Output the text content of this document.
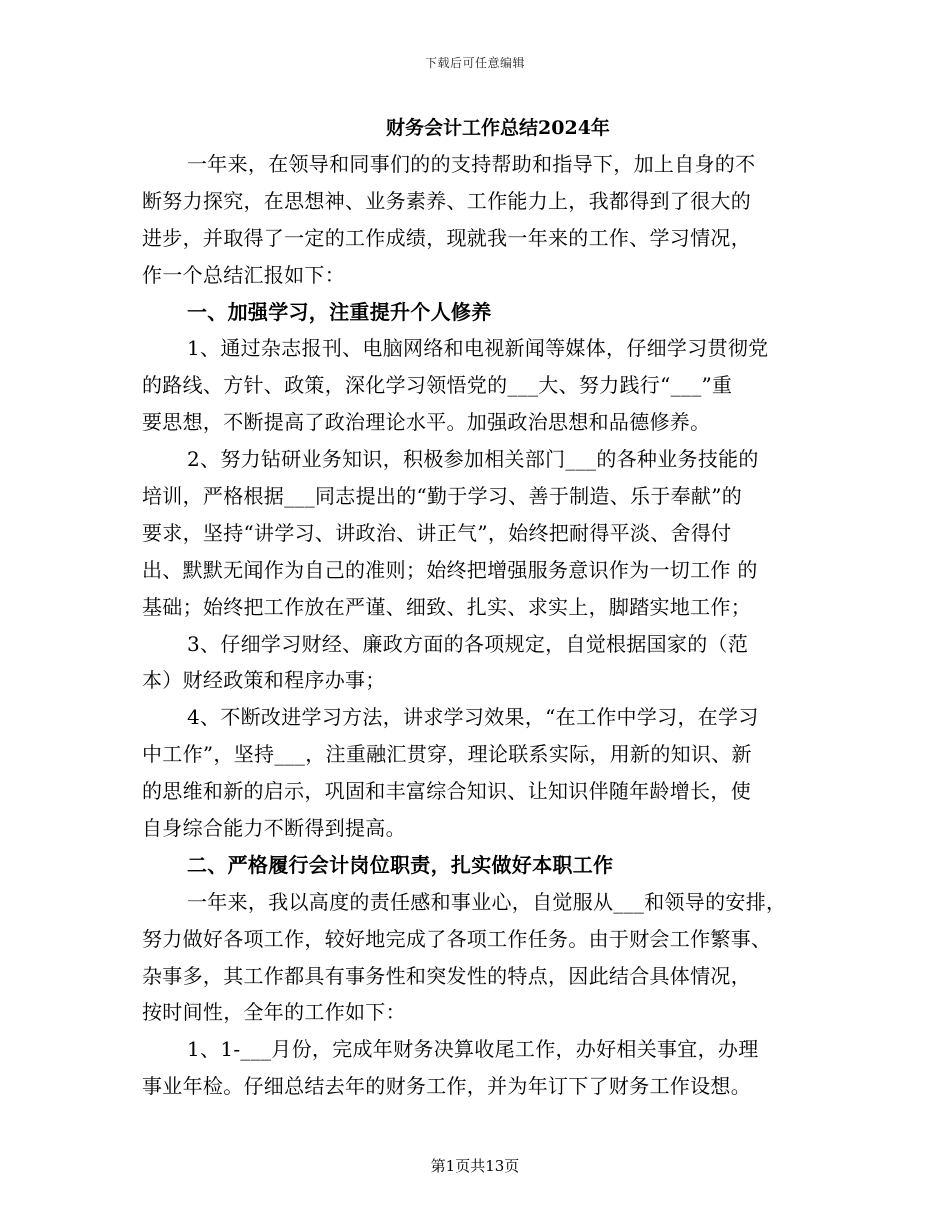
下载后可任意编辑
财务会计工作总结2024年
一年来，在领导和同事们的的支持帮助和指导下，加上自身的不
断努力探究，在思想神、业务素养、工作能力上，我都得到了很大的
进步，并取得了一定的工作成绩，现就我一年来的工作、学习情况，
作一个总结汇报如下：
一、加强学习，注重提升个人修养
1、通过杂志报刊、电脑网络和电视新闻等媒体，仔细学习贯彻党
的路线、方针、政策，深化学习领悟党的___大、努力践行“___”重
要思想，不断提高了政治理论水平。加强政治思想和品德修养。
2、努力钻研业务知识，积极参加相关部门___的各种业务技能的
培训，严格根据___同志提出的“勤于学习、善于制造、乐于奉献”的
要求，坚持“讲学习、讲政治、讲正气”，始终把耐得平淡、舍得付
出、默默无闻作为自己的准则；始终把增强服务意识作为一切工作 的
基础；始终把工作放在严谨、细致、扎实、求实上，脚踏实地工作；
3、仔细学习财经、廉政方面的各项规定，自觉根据国家的（范
本）财经政策和程序办事；
4、不断改进学习方法，讲求学习效果，“在工作中学习，在学习
中工作”，坚持___，注重融汇贯穿，理论联系实际，用新的知识、新
的思维和新的启示，巩固和丰富综合知识、让知识伴随年龄增长，使
自身综合能力不断得到提高。
二、严格履行会计岗位职责，扎实做好本职工作
一年来，我以高度的责任感和事业心，自觉服从___和领导的安排，
努力做好各项工作，较好地完成了各项工作任务。由于财会工作繁事、
杂事多，其工作都具有事务性和突发性的特点，因此结合具体情况，
按时间性，全年的工作如下：
1、1-___月份，完成年财务决算收尾工作，办好相关事宜，办理
事业年检。仔细总结去年的财务工作，并为年订下了财务工作设想。
第1页共13页
